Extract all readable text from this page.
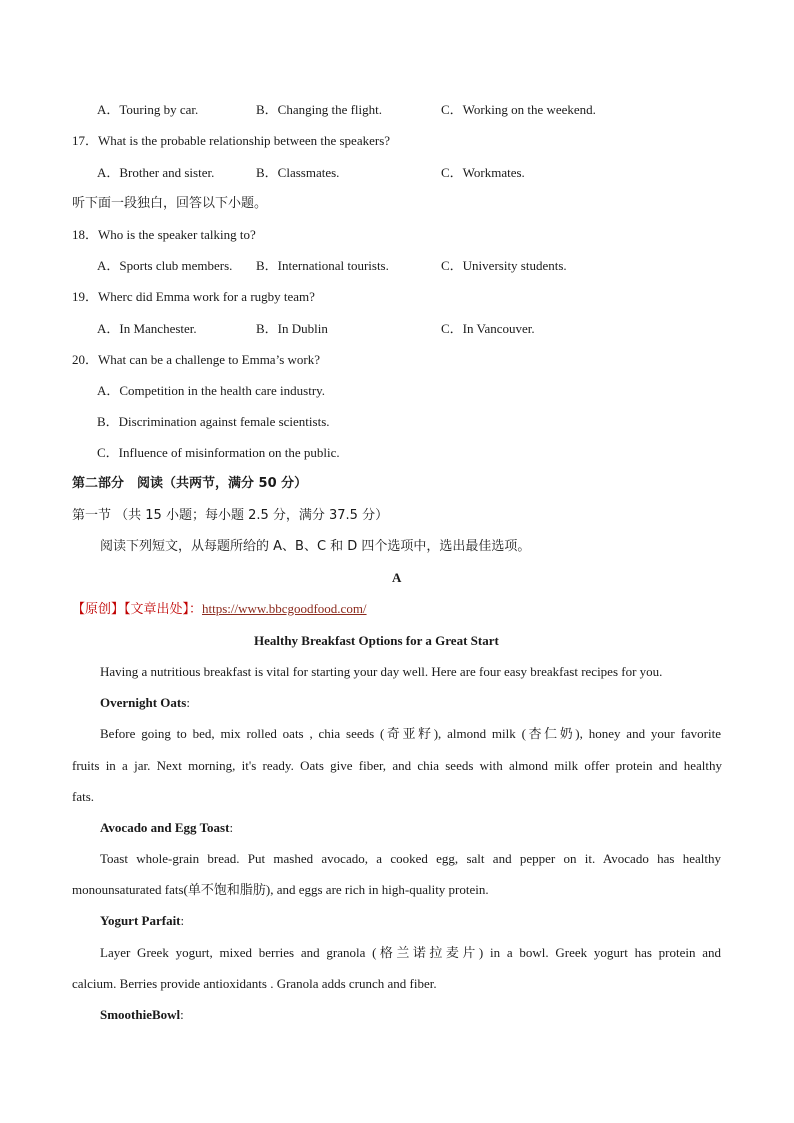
A．Touring by car.	B．Changing the flight.	C．Working on the weekend.
17．What is the probable relationship between the speakers?
A．Brother and sister.	B．Classmates.	C．Workmates.
听下面一段独白，回答以下小题。
18．Who is the speaker talking to?
A．Sports club members. B．International tourists.	C．University students.
19．Wherc did Emma work for a rugby team?
A．In Manchester.	B．In Dublin	C．In Vancouver.
20．What can be a challenge to Emma’s work?
A．Competition in the health care industry.
B．Discrimination against female scientists.
C．Influence of misinformation on the public.
第二部分　阅读（共两节，满分 50 分）
第一节 （共 15 小题；每小题 2.5 分，满分 37.5 分）
阅读下列短文，从每题所给的 A、B、C 和 D 四个选项中，选出最佳选项。
A
【原创】【文章出处】：https://www.bbcgoodfood.com/
Healthy Breakfast Options for a Great Start
Having a nutritious breakfast is vital for starting your day well. Here are four easy breakfast recipes for you.
Overnight Oats:
Before going to bed, mix rolled oats , chia seeds (奇亚籽), almond milk (杏仁奶), honey and your favorite
fruits in a jar. Next morning, it's ready. Oats give fiber, and chia seeds with almond milk offer protein and healthy
fats.
Avocado and Egg Toast:
Toast whole-grain bread. Put mashed avocado, a cooked egg, salt and pepper on it. Avocado has healthy
monounsaturated fats(单不饱和脂肪), and eggs are rich in high-quality protein.
Yogurt Parfait:
Layer Greek yogurt, mixed berries and granola (格兰诺拉麦片) in a bowl. Greek yogurt has protein and
calcium. Berries provide antioxidants . Granola adds crunch and fiber.
SmoothieBowl:
